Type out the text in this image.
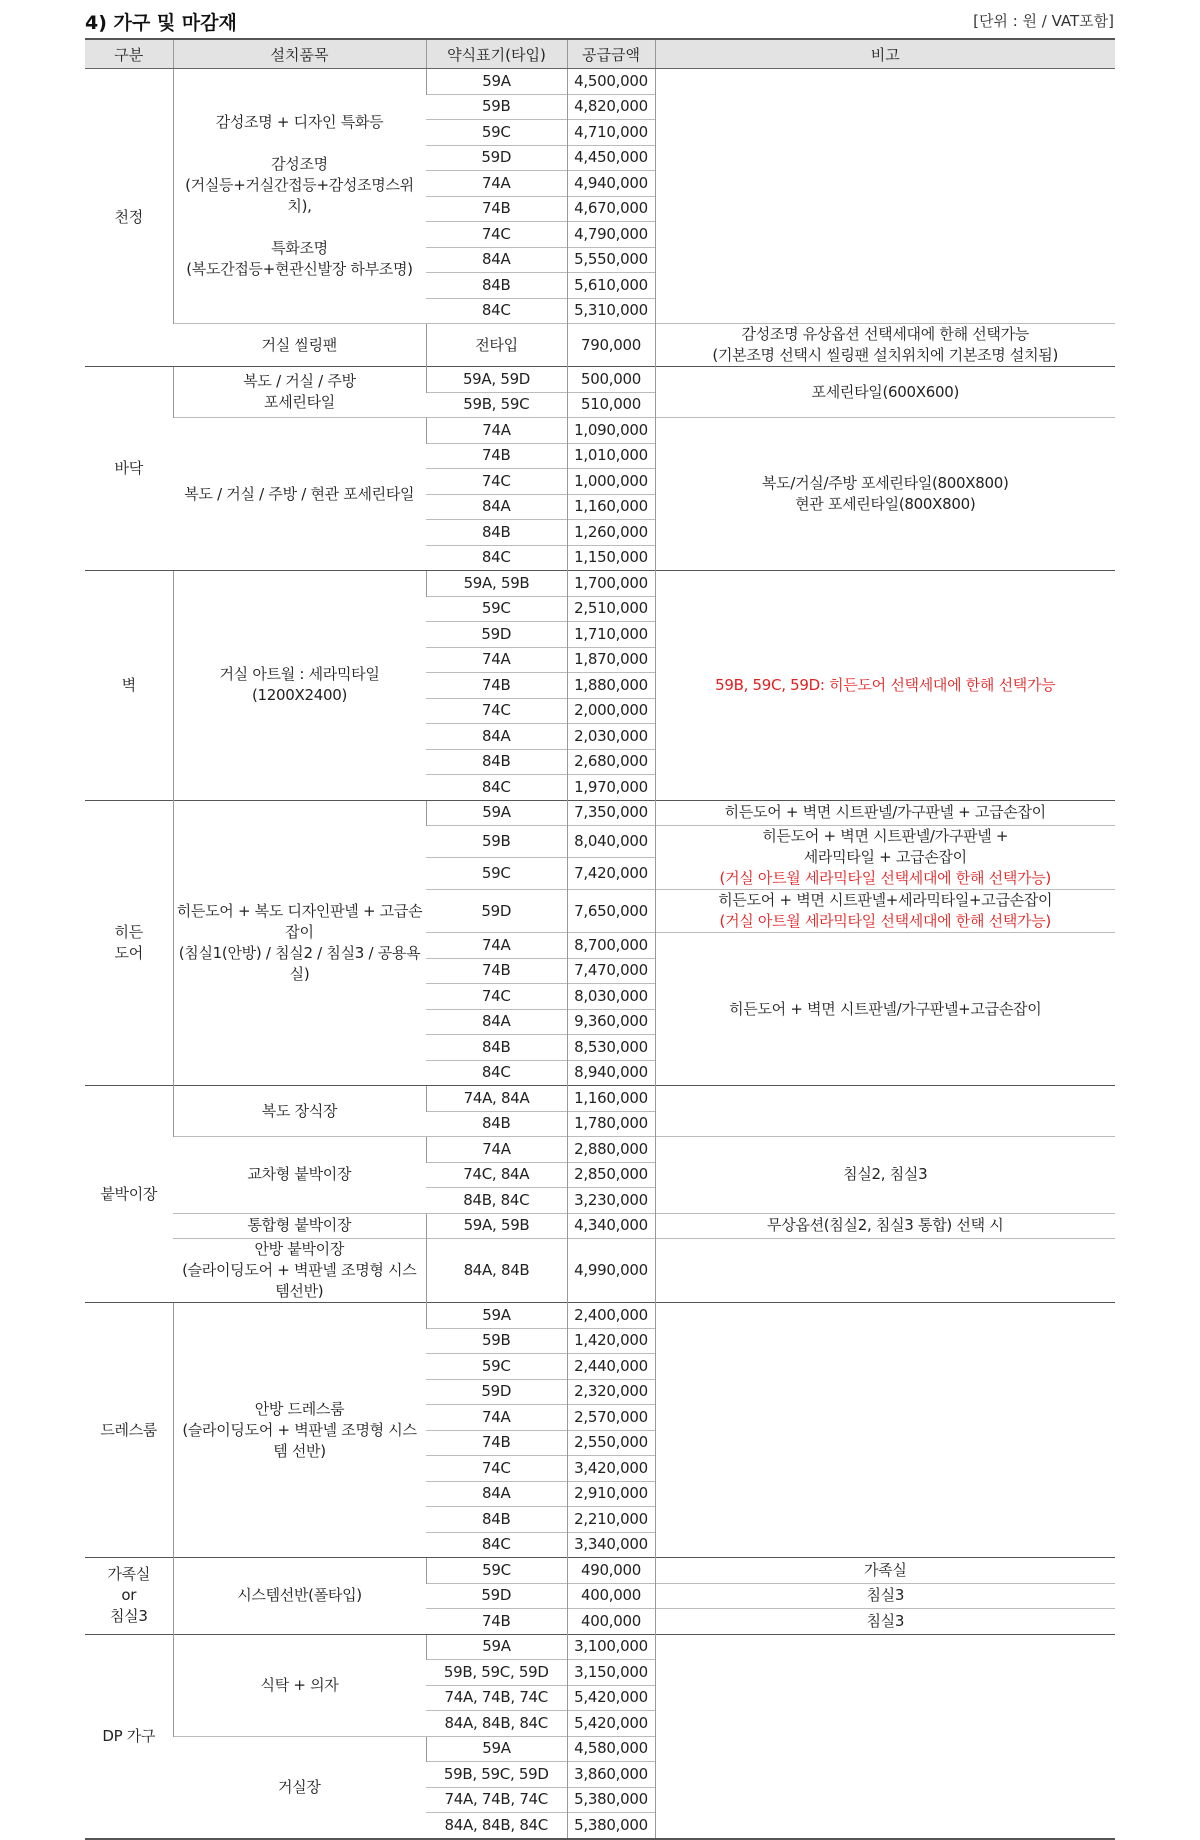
4) 가구 및 마감재	[단위 : 원 / VAT포함]
구분	설치품목	약식표기(타입)	공급금액	비고
천정	감성조명 + 디자인 특화등

감성조명
(거실등+거실간접등+감성조명스위치),

특화조명
(복도간접등+현관신발장 하부조명)	59A	4,500,000	
		59B	4,820,000	
		59C	4,710,000	
		59D	4,450,000	
		74A	4,940,000	
		74B	4,670,000	
		74C	4,790,000	
		84A	5,550,000	
		84B	5,610,000	
		84C	5,310,000	
	거실 씰링팬	전타입	790,000	감성조명 유상옵션 선택세대에 한해 선택가능
(기본조명 선택시 씰링팬 설치위치에 기본조명 설치됨)
바닥	복도 / 거실 / 주방
포세린타일	59A, 59D	500,000	포세린타일(600X600)
		59B, 59C	510,000	
	복도 / 거실 / 주방 / 현관 포세린타일	74A	1,090,000	복도/거실/주방 포세린타일(800X800)
현관 포세린타일(800X800)
		74B	1,010,000	
		74C	1,000,000	
		84A	1,160,000	
		84B	1,260,000	
		84C	1,150,000	
벽	거실 아트월 : 세라믹타일(1200X2400)	59A, 59B	1,700,000	59B, 59C, 59D: 히든도어 선택세대에 한해 선택가능
		59C	2,510,000	
		59D	1,710,000	
		74A	1,870,000	
		74B	1,880,000	
		74C	2,000,000	
		84A	2,030,000	
		84B	2,680,000	
		84C	1,970,000	
히든
도어	히든도어 + 복도 디자인판넬 + 고급손잡이
(침실1(안방) / 침실2 / 침실3 / 공용욕실)	59A	7,350,000	히든도어 + 벽면 시트판넬/가구판넬 + 고급손잡이
		59B	8,040,000	히든도어 + 벽면 시트판넬/가구판넬 +
세라믹타일 + 고급손잡이
(거실 아트월 세라믹타일 선택세대에 한해 선택가능)

		59C	7,420,000	
		59D	7,650,000	히든도어 + 벽면 시트판넬+세라믹타일+고급손잡이
(거실 아트월 세라믹타일 선택세대에 한해 선택가능)

		74A	8,700,000	히든도어 + 벽면 시트판넬/가구판넬+고급손잡이
		74B	7,470,000	
		74C	8,030,000	
		84A	9,360,000	
		84B	8,530,000	
		84C	8,940,000	
붙박이장	복도 장식장	74A, 84A	1,160,000	
		84B	1,780,000	
	교차형 붙박이장	74A	2,880,000	침실2, 침실3
		74C, 84A	2,850,000	
		84B, 84C	3,230,000	
	통합형 붙박이장	59A, 59B	4,340,000	무상옵션(침실2, 침실3 통합) 선택 시
	안방 붙박이장
(슬라이딩도어 + 벽판넬 조명형 시스템선반)	84A, 84B	4,990,000	

드레스룸	안방 드레스룸
(슬라이딩도어 + 벽판넬 조명형 시스템 선반)	59A	2,400,000	
		59B	1,420,000	
		59C	2,440,000	
		59D	2,320,000	
		74A	2,570,000	
		74B	2,550,000	
		74C	3,420,000	
		84A	2,910,000	
		84B	2,210,000	
		84C	3,340,000	
가족실
or
침실3	시스템선반(폴타입)	59C	490,000	가족실
		59D	400,000	침실3
		74B	400,000	침실3
DP 가구	식탁 + 의자	59A	3,100,000	
		59B, 59C, 59D	3,150,000	
		74A, 74B, 74C	5,420,000	
		84A, 84B, 84C	5,420,000	
	거실장	59A	4,580,000	
		59B, 59C, 59D	3,860,000	
		74A, 74B, 74C	5,380,000	
		84A, 84B, 84C	5,380,000	
